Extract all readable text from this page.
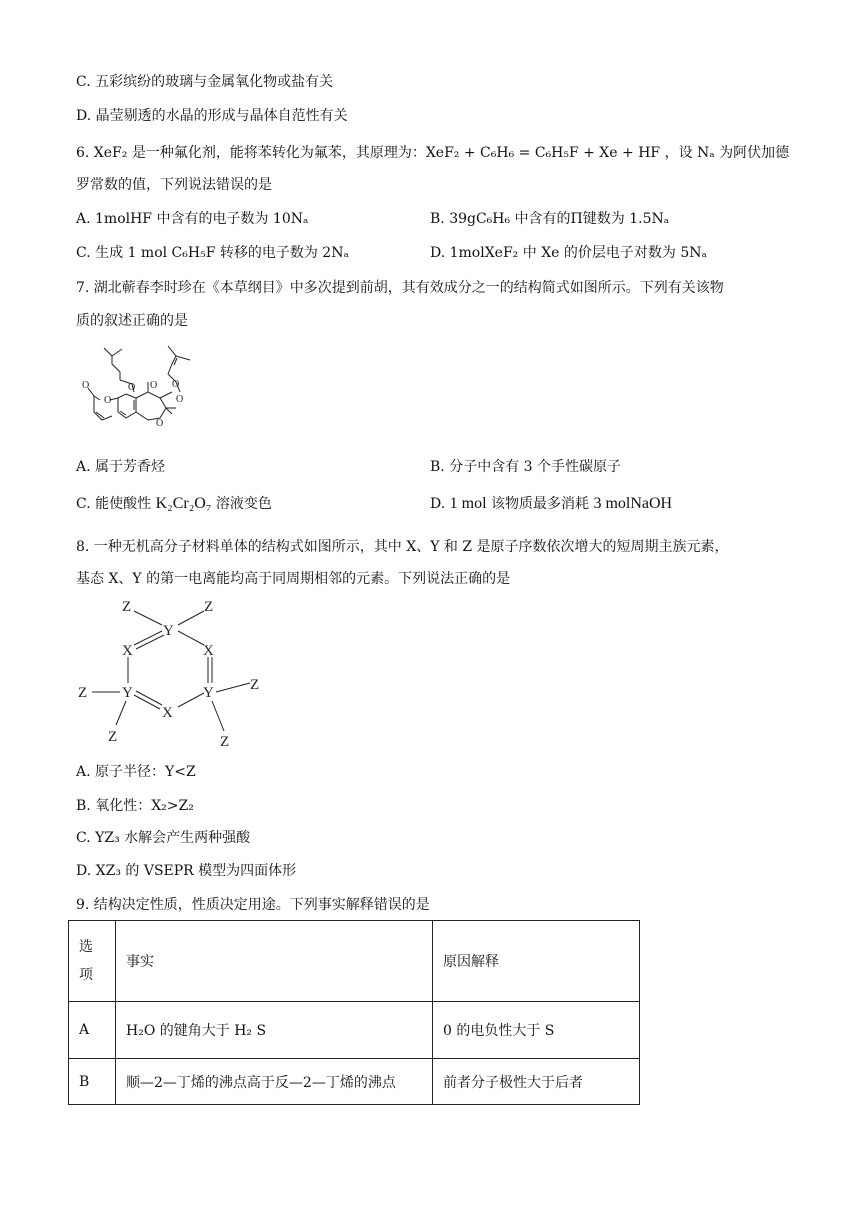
C. 五彩缤纷的玻璃与金属氧化物或盐有关
D. 晶莹剔透的水晶的形成与晶体自范性有关
6. XeF₂ 是一种氟化剂，能将苯转化为氟苯，其原理为：XeF₂ + C₆H₆ = C₆H₅F + Xe + HF ，设 Nₐ 为阿伏加德
罗常数的值，下列说法错误的是
A. 1molHF 中含有的电子数为 10Nₐ	B. 39gC₆H₆ 中含有的Π键数为 1.5Nₐ
C. 生成 1 mol C₆H₅F 转移的电子数为 2Nₐ	D. 1molXeF₂ 中 Xe 的价层电子对数为 5Nₐ
7. 湖北蕲春李时珍在《本草纲目》中多次提到前胡，其有效成分之一的结构简式如图所示。下列有关该物
质的叙述正确的是
O
O
O O O
O
O
A. 属于芳香烃	B. 分子中含有 3 个手性碳原子
C. 能使酸性 K₂Cr₂O₇ 溶液变色	D. 1 mol 该物质最多消耗 3 molNaOH
8. 一种无机高分子材料单体的结构式如图所示，其中 X、Y 和 Z 是原子序数依次增大的短周期主族元素，
基态 X、Y 的第一电离能均高于同周期相邻的元素。下列说法正确的是
Z	Z
Y
X	X
Y	Y
X
Z	Z
Z	Z
A. 原子半径：Y<Z
B. 氧化性：X₂>Z₂
C. YZ₃ 水解会产生两种强酸
D. XZ₃ 的 VSEPR 模型为四面体形
9. 结构决定性质，性质决定用途。下列事实解释错误的是
选
项	事实	原因解释
A	H₂O 的键角大于 H₂ S	0 的电负性大于 S
B	顺—2—丁烯的沸点高于反—2—丁烯的沸点	前者分子极性大于后者
